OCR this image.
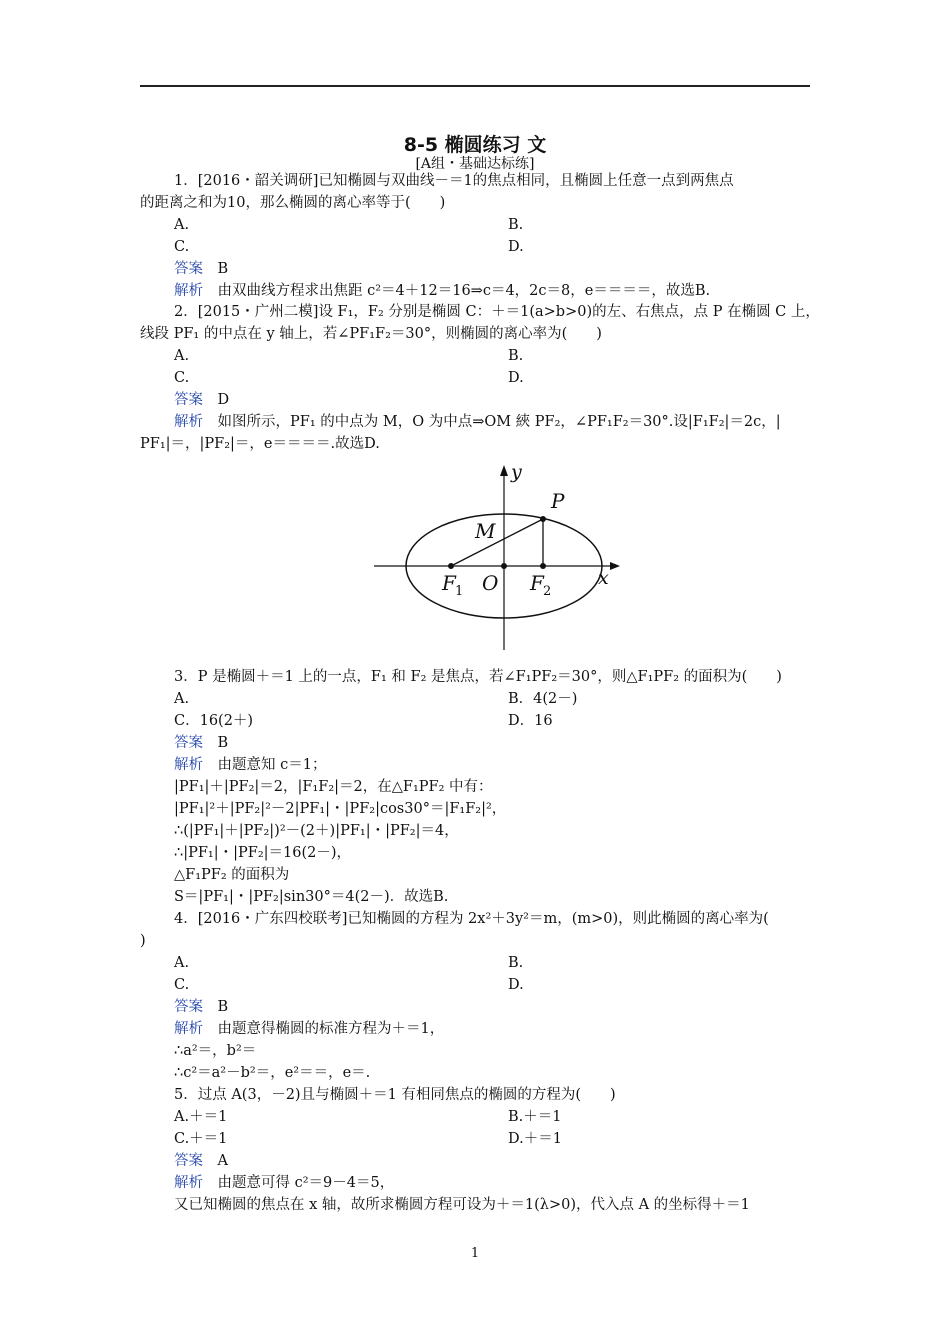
8-5 椭圆练习 文
[A组・基础达标练]
1．[2016・韶关调研]已知椭圆与双曲线－＝1的焦点相同，且椭圆上任意一点到两焦点
的距离之和为10，那么椭圆的离心率等于(　　)
A.	B.
C.	D.
答案　 B
解析　 由双曲线方程求出焦距 c²＝4＋12＝16⇒c＝4，2c＝8，e＝＝＝＝，故选B.
2．[2015・广州二模]设 F₁，F₂ 分别是椭圆 C：＋＝1(a>b>0)的左、右焦点，点 P 在椭圆 C 上，
线段 PF₁ 的中点在 y 轴上，若∠PF₁F₂＝30°，则椭圆的离心率为(　　)
A.	B.
C.	D.
答案　 D
解析　 如图所示，PF₁ 的中点为 M，O 为中点⇒OM 綊 PF₂，∠PF₁F₂＝30°.设|F₁F₂|＝2c，|
PF₁|＝，|PF₂|＝，e＝＝＝＝.故选D.
y
x
P
M
O
F 1	F 2
3．P 是椭圆＋＝1 上的一点，F₁ 和 F₂ 是焦点，若∠F₁PF₂＝30°，则△F₁PF₂ 的面积为(　　)
A.	B．4(2－)
C．16(2＋)	D．16
答案　 B
解析　 由题意知 c＝1；
|PF₁|＋|PF₂|＝2，|F₁F₂|＝2，在△F₁PF₂ 中有：
|PF₁|²＋|PF₂|²－2|PF₁|・|PF₂|cos30°＝|F₁F₂|²，
∴(|PF₁|＋|PF₂|)²－(2＋)|PF₁|・|PF₂|＝4，
∴|PF₁|・|PF₂|＝16(2－)，
△F₁PF₂ 的面积为
S＝|PF₁|・|PF₂|sin30°＝4(2－)．故选B.
4．[2016・广东四校联考]已知椭圆的方程为 2x²＋3y²＝m，(m>0)，则此椭圆的离心率为(
)
A.	B.
C.	D.
答案　 B
解析　 由题意得椭圆的标准方程为＋＝1，
∴a²＝，b²＝
∴c²＝a²－b²＝，e²＝＝，e＝.
5．过点 A(3，－2)且与椭圆＋＝1 有相同焦点的椭圆的方程为(　　)
A.＋＝1	B.＋＝1
C.＋＝1	D.＋＝1
答案　 A
解析　 由题意可得 c²＝9－4＝5，
又已知椭圆的焦点在 x 轴，故所求椭圆方程可设为＋＝1(λ>0)，代入点 A 的坐标得＋＝1
1
